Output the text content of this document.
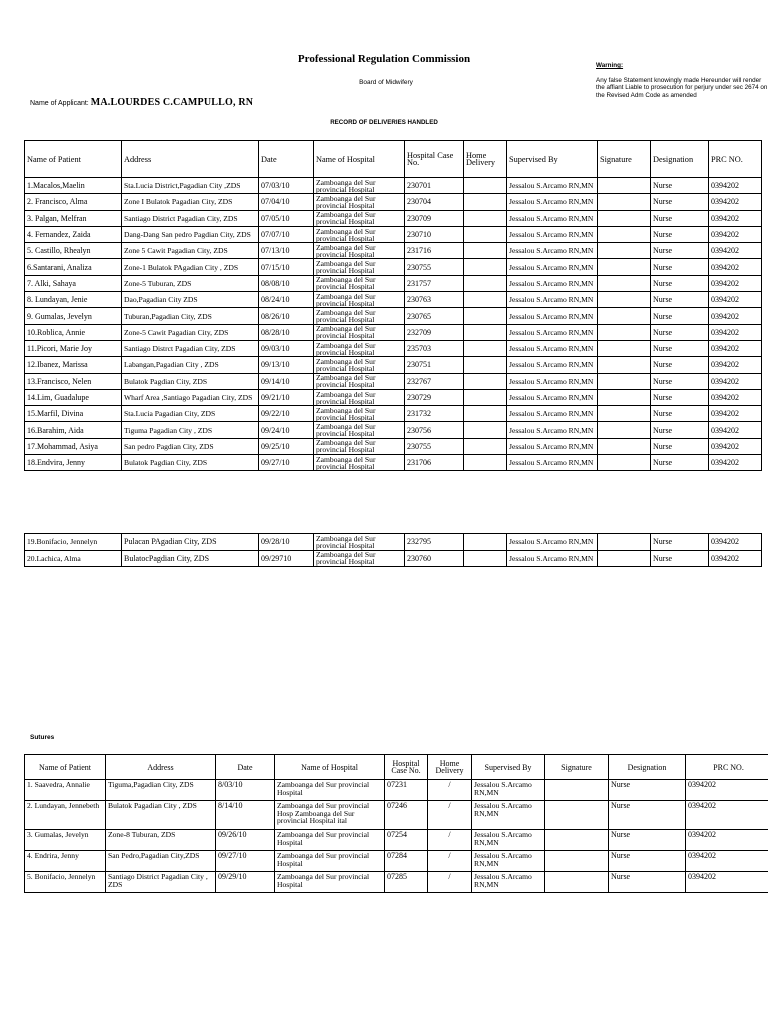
Professional Regulation Commission
Board of Midwifery
Name of Applicant: MA.LOURDES C.CAMPULLO, RN
Warning:
Any false Statement knowingly made Hereunder will render the affiant Liable to prosecution for perjury under sec 2674 on the Revised Adm Code as amended
RECORD OF DELIVERIES HANDLED
Name of Patient	Address	Date	Name of Hospital	Hospital Case No.	Home Delivery	Supervised By	Signature	Designation	PRC NO.
1.Macalos,Maelin	Sta.Lucia District,Pagadian City ,ZDS	07/03/10	Zamboanga del Sur provincial Hospital	230701		Jessalou S.Arcamo RN,MN		Nurse	0394202
2. Francisco, Alma	Zone I Bulatok Pagadian City, ZDS	07/04/10	Zamboanga del Sur provincial Hospital	230704		Jessalou S.Arcamo RN,MN		Nurse	0394202
3. Palgan, Melfran	Santiago District Pagadian City, ZDS	07/05/10	Zamboanga del Sur provincial Hospital	230709		Jessalou S.Arcamo RN,MN		Nurse	0394202
4. Fernandez, Zaida	Dang-Dang San pedro Pagdian City, ZDS	07/07/10	Zamboanga del Sur provincial Hospital	230710		Jessalou S.Arcamo RN,MN		Nurse	0394202
5. Castillo, Rhealyn	Zone 5 Cawit Pagadian City, ZDS	07/13/10	Zamboanga del Sur provincial Hospital	231716		Jessalou S.Arcamo RN,MN		Nurse	0394202
6.Santarani, Analiza	Zone-1 Bulatok PAgadian City , ZDS	07/15/10	Zamboanga del Sur provincial Hospital	230755		Jessalou S.Arcamo RN,MN		Nurse	0394202
7. Alki, Sahaya	Zone-5 Tuburan, ZDS	08/08/10	Zamboanga del Sur provincial Hospital	231757		Jessalou S.Arcamo RN,MN		Nurse	0394202
8. Lundayan, Jenie	Dao,Pagadian City ZDS	08/24/10	Zamboanga del Sur provincial Hospital	230763		Jessalou S.Arcamo RN,MN		Nurse	0394202
9. Gumalas, Jevelyn	Tuburan,Pagadian City, ZDS	08/26/10	Zamboanga del Sur provincial Hospital	230765		Jessalou S.Arcamo RN,MN		Nurse	0394202
10.Roblica, Annie	Zone-5 Cawit Pagadian City, ZDS	08/28/10	Zamboanga del Sur provincial Hospital	232709		Jessalou S.Arcamo RN,MN		Nurse	0394202
11.Picori, Marie Joy	Santiago Distrct Pagadian City, ZDS	09/03/10	Zamboanga del Sur provincial Hospital	235703		Jessalou S.Arcamo RN,MN		Nurse	0394202
12.Ibanez, Marissa	Labangan,Pagadian City , ZDS	09/13/10	Zamboanga del Sur provincial Hospital	230751		Jessalou S.Arcamo RN,MN		Nurse	0394202
13.Francisco, Nelen	Bulatok Pagdian City, ZDS	09/14/10	Zamboanga del Sur provincial Hospital	232767		Jessalou S.Arcamo RN,MN		Nurse	0394202
14.Lim, Guadalupe	Wharf Area ,Santiago Pagadian City, ZDS	09/21/10	Zamboanga del Sur provincial Hospital	230729		Jessalou S.Arcamo RN,MN		Nurse	0394202
15.Marfil, Divina	Sta.Lucia Pagadian City, ZDS	09/22/10	Zamboanga del Sur provincial Hospital	231732		Jessalou S.Arcamo RN,MN		Nurse	0394202
16.Barahim, Aida	Tiguma Pagadian City , ZDS	09/24/10	Zamboanga del Sur provincial Hospital	230756		Jessalou S.Arcamo RN,MN		Nurse	0394202
17.Mohammad, Asiya	San pedro Pagdian City, ZDS	09/25/10	Zamboanga del Sur provincial Hospital	230755		Jessalou S.Arcamo RN,MN		Nurse	0394202
18.Endvira, Jenny	Bulatok Pagdian City, ZDS	09/27/10	Zamboanga del Sur provincial Hospital	231706		Jessalou S.Arcamo RN,MN		Nurse	0394202
19.Bonifacio, Jennelyn	Pulacan PAgadian City, ZDS	09/28/10	Zamboanga del Sur provincial Hospital	232795		Jessalou S.Arcamo RN,MN		Nurse	0394202
20.Lachica, Alma	BulatocPagdian City, ZDS	09/29710	Zamboanga del Sur provincial Hospital	230760		Jessalou S.Arcamo RN,MN		Nurse	0394202
Sutures
Name of Patient	Address	Date	Name of Hospital	Hospital Case No.	Home Delivery	Supervised By	Signature	Designation	PRC NO.
1. Saavedra, Annalie	Tiguma,Pagadian City, ZDS	8/03/10	Zamboanga del Sur provincial Hospital	07231	/	Jessalou S.Arcamo RN,MN		Nurse	0394202
2. Lundayan, Jennebeth	Bulatok Pagadian City , ZDS	8/14/10	Zamboanga del Sur provincial Hosp Zamboanga del Sur provincial Hospital ital	07246	/	Jessalou S.Arcamo RN,MN		Nurse	0394202
3. Gumalas, Jevelyn	Zone-8 Tuburan, ZDS	09/26/10	Zamboanga del Sur provincial Hospital	07254	/	Jessalou S.Arcamo RN,MN		Nurse	0394202
4. Endrira, Jenny	San Pedro,Pagadian City,ZDS	09/27/10	Zamboanga del Sur provincial Hospital	07284	/	Jessalou S.Arcamo RN,MN		Nurse	0394202
5. Bonifacio, Jennelyn	Santiago District Pagadian City , ZDS	09/29/10	Zamboanga del Sur provincial Hospital	07285	/	Jessalou S.Arcamo RN,MN		Nurse	0394202
